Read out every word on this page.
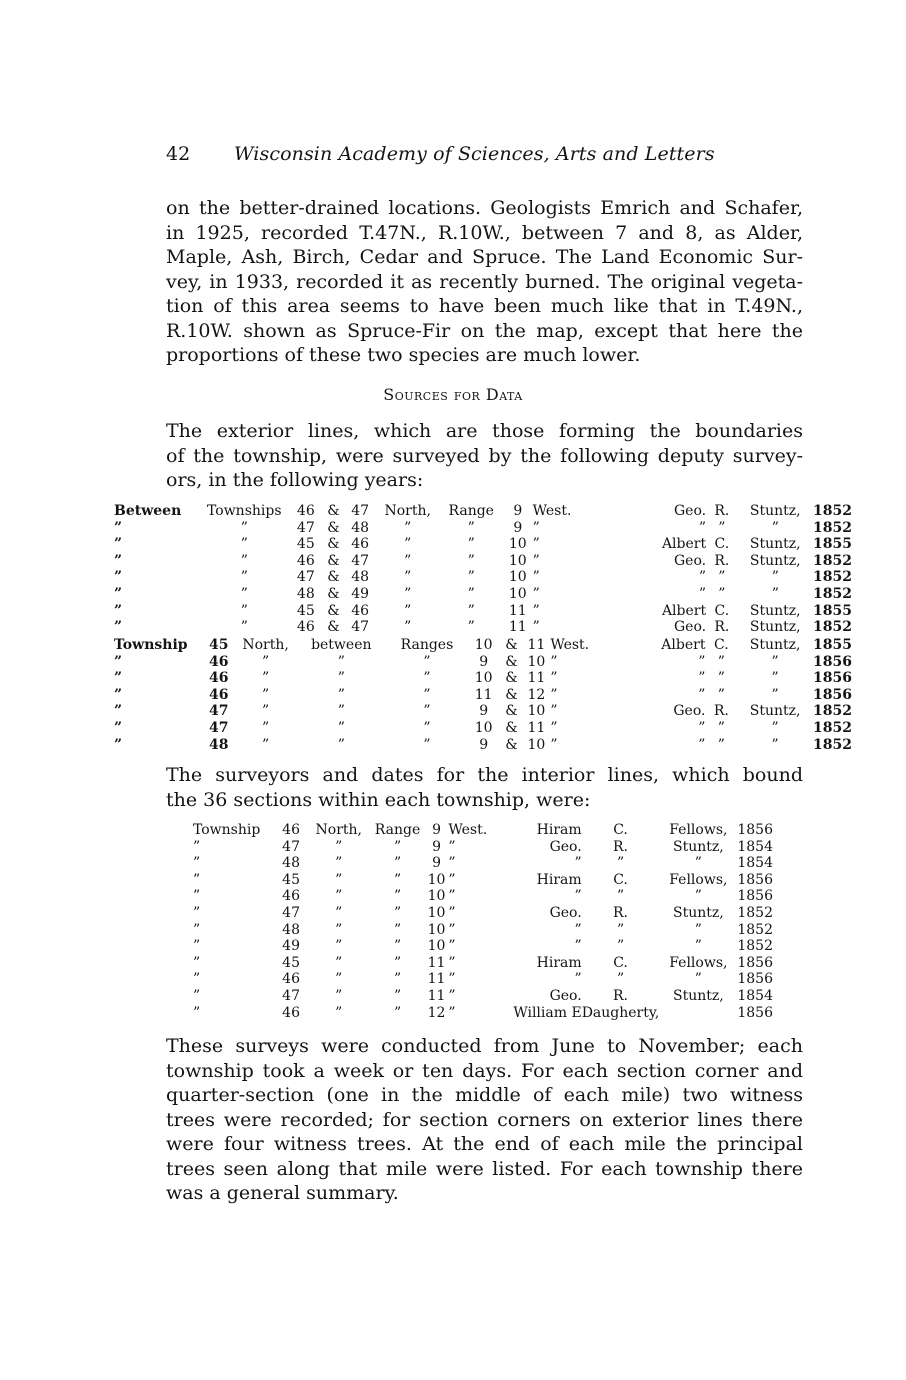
42 Wisconsin Academy of Sciences, Arts and Letters
on the better-drained locations. Geologists Emrich and Schafer,
in 1925, recorded T.47N., R.10W., between 7 and 8, as Alder,
Maple, Ash, Birch, Cedar and Spruce. The Land Economic Sur-
vey, in 1933, recorded it as recently burned. The original vegeta-
tion of this area seems to have been much like that in T.49N.,
R.10W. shown as Spruce-Fir on the map, except that here the
proportions of these two species are much lower.
Sources for Data
The exterior lines, which are those forming the boundaries
of the township, were surveyed by the following deputy survey-
ors, in the following years:
Between	Townships	46	&	47	North,	Range	9	West.	Geo.	R.	Stuntz,	1852
”	”	47	&	48	”	”	9	”	”	”	”	1852
”	”	45	&	46	”	”	10	”	Albert	C.	Stuntz,	1855
”	”	46	&	47	”	”	10	”	Geo.	R.	Stuntz,	1852
”	”	47	&	48	”	”	10	”	”	”	”	1852
”	”	48	&	49	”	”	10	”	”	”	”	1852
”	”	45	&	46	”	”	11	”	Albert	C.	Stuntz,	1855
”	”	46	&	47	”	”	11	”	Geo.	R.	Stuntz,	1852
Township	45	North,	between	Ranges	10	&	11	West.	Albert	C.	Stuntz,	1855
”	46	”	”	”	9	&	10	”	”	”	”	1856
”	46	”	”	”	10	&	11	”	”	”	”	1856
”	46	”	”	”	11	&	12	”	”	”	”	1856
”	47	”	”	”	9	&	10	”	Geo.	R.	Stuntz,	1852
”	47	”	”	”	10	&	11	”	”	”	”	1852
”	48	”	”	”	9	&	10	”	”	”	”	1852
The surveyors and dates for the interior lines, which bound
the 36 sections within each township, were:
Township	46	North,	Range	9	West.	Hiram	C.	Fellows,	1856
”	47	”	”	9	”	Geo.	R.	Stuntz,	1854
”	48	”	”	9	”	”	”	”	1854
”	45	”	”	10	”	Hiram	C.	Fellows,	1856
”	46	”	”	10	”	”	”	”	1856
”	47	”	”	10	”	Geo.	R.	Stuntz,	1852
”	48	”	”	10	”	”	”	”	1852
”	49	”	”	10	”	”	”	”	1852
”	45	”	”	11	”	Hiram	C.	Fellows,	1856
”	46	”	”	11	”	”	”	”	1856
”	47	”	”	11	”	Geo.	R.	Stuntz,	1854
”	46	”	”	12	”	William E	Daugherty,		1856
These surveys were conducted from June to November; each
township took a week or ten days. For each section corner and
quarter-section (one in the middle of each mile) two witness
trees were recorded; for section corners on exterior lines there
were four witness trees. At the end of each mile the principal
trees seen along that mile were listed. For each township there
was a general summary.
